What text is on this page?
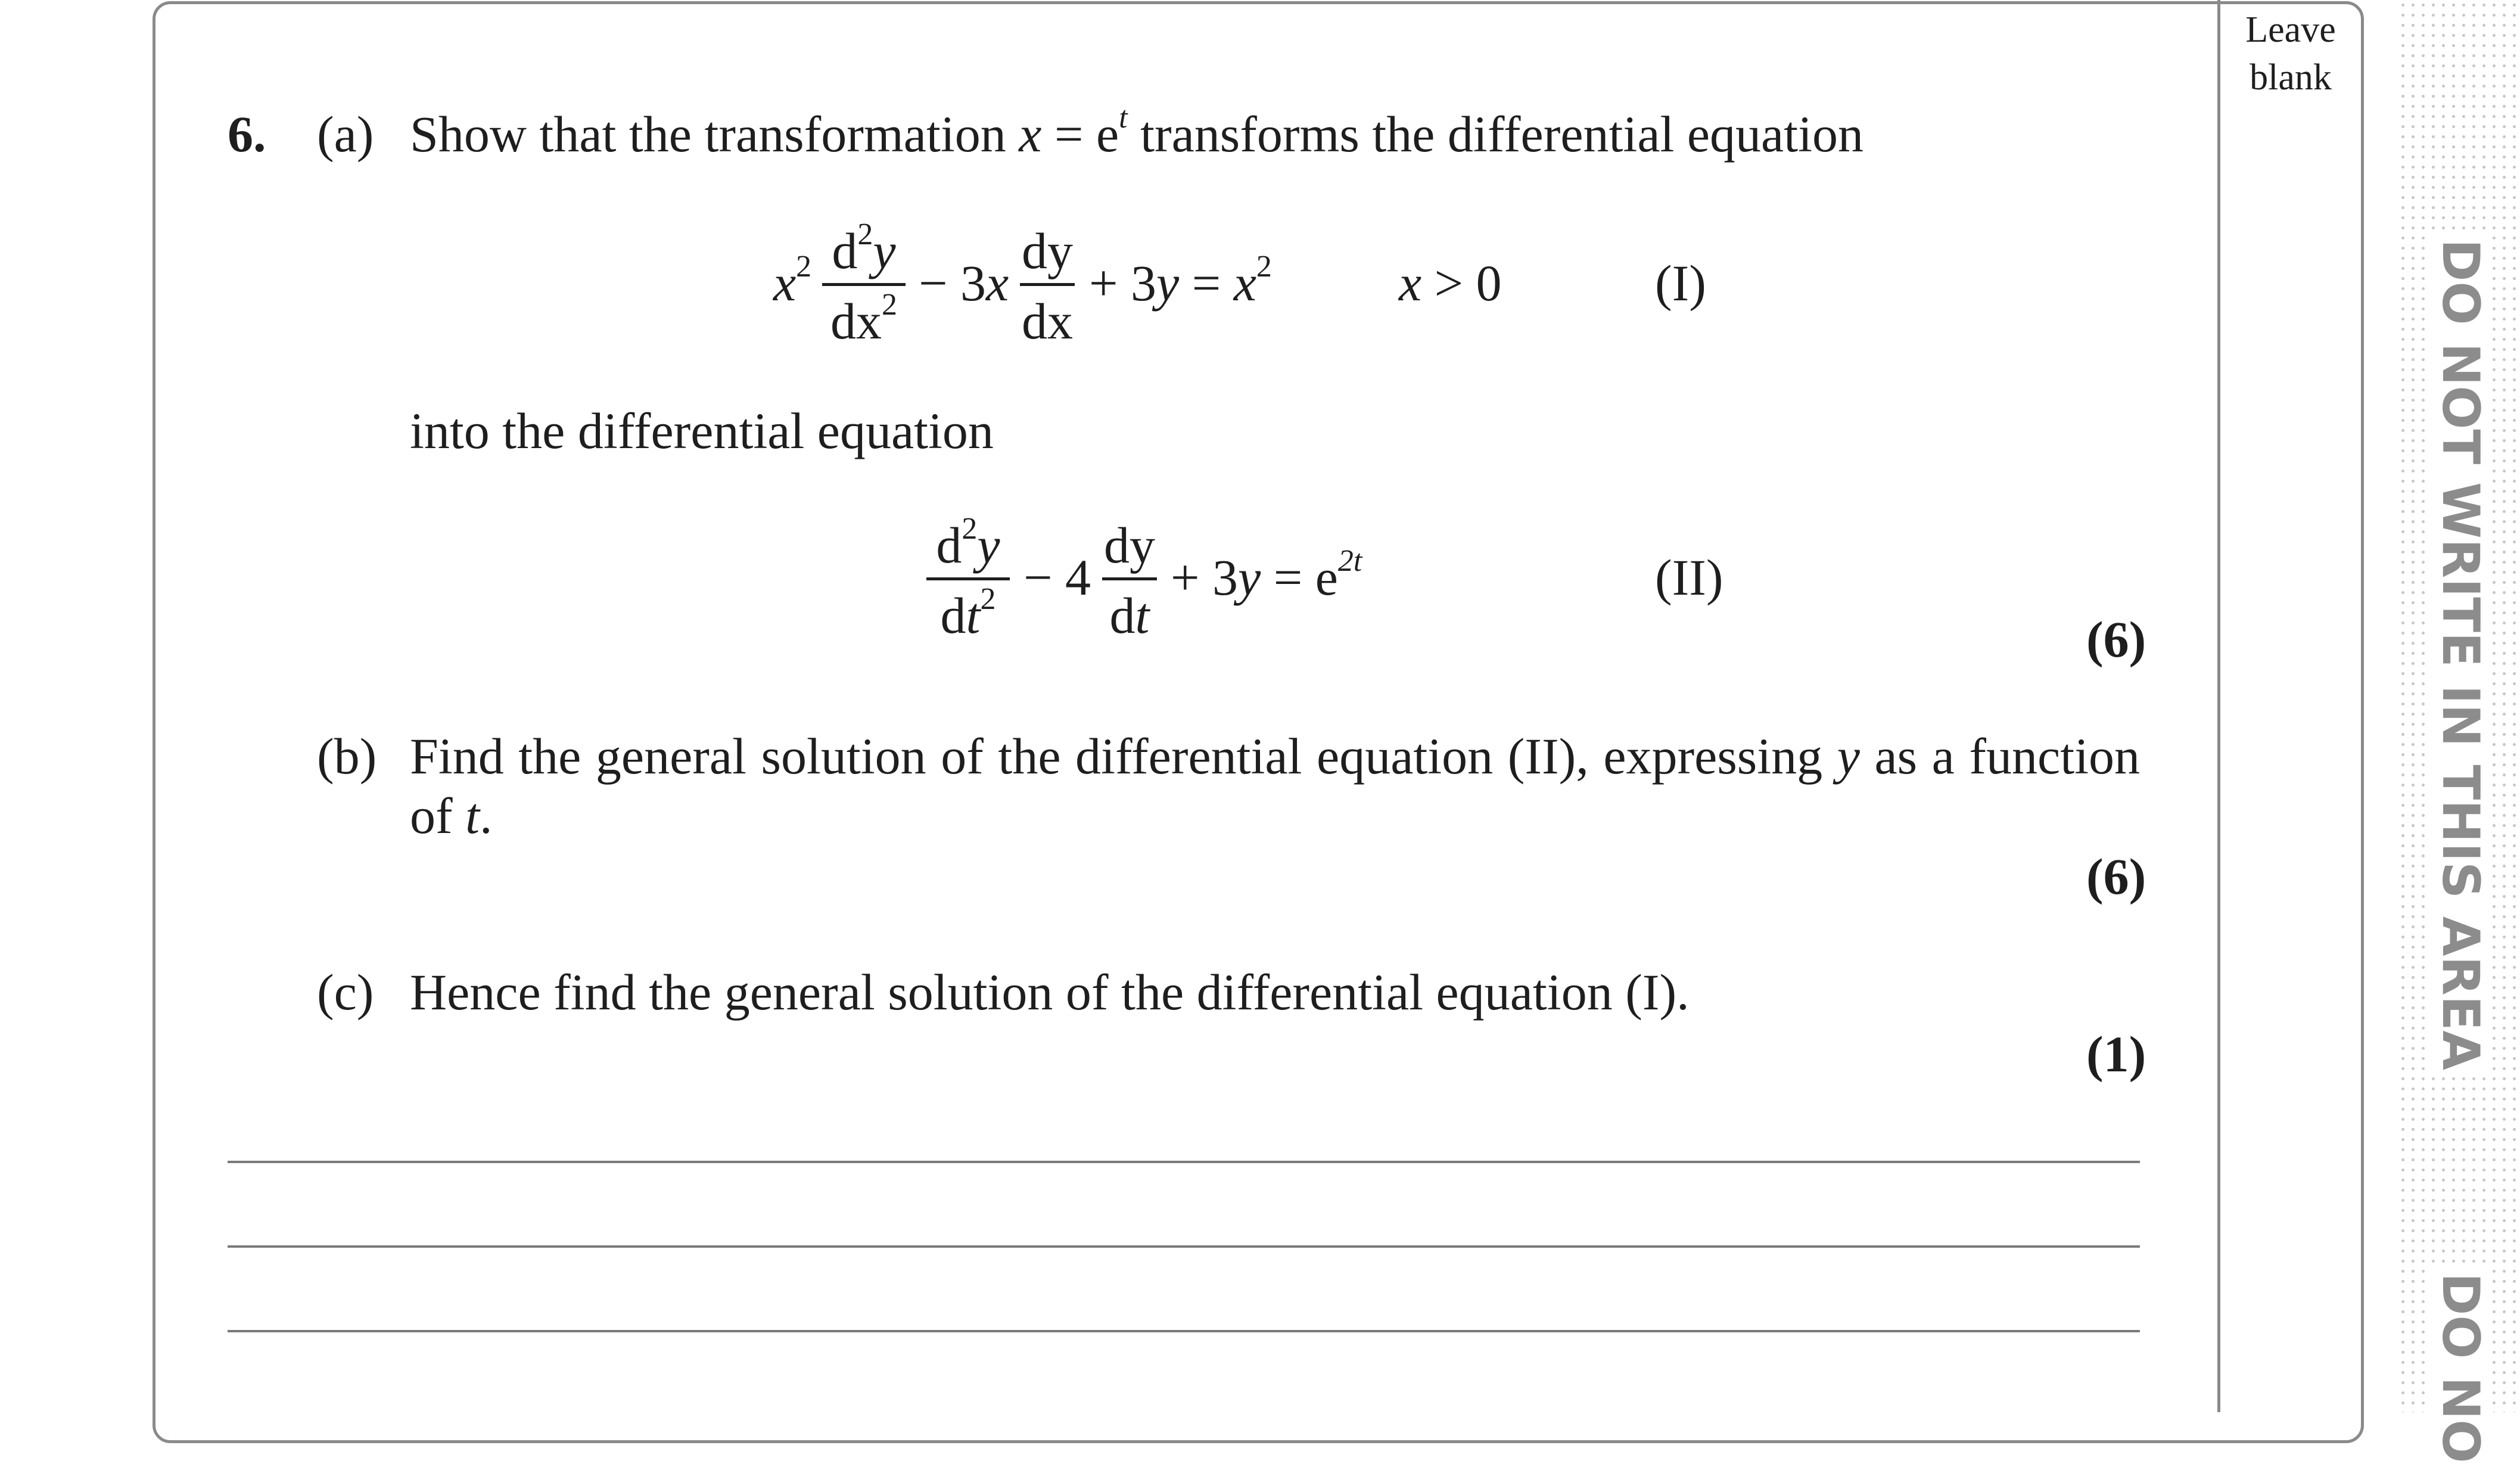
Leave
blank
DO NOT WRITE IN THIS AREA
DO NO
6. (a) Show that the transformation $x = e^t$ transforms the differential equation
$x^2$ $d^2y$
$dx^2 - 3x$
dy
dx
+ $3y = x^2$ x > 0	(I)
into the differential equation
$d^2y$
$dt^2 - 4$
dy
dt
+ $3y = e^{2t}$	(II)
(6)
(b) Find the general solution of the differential equation (II), expressing y as a function
of t.
(6)
(c) Hence find the general solution of the differential equation (I).
(1)
